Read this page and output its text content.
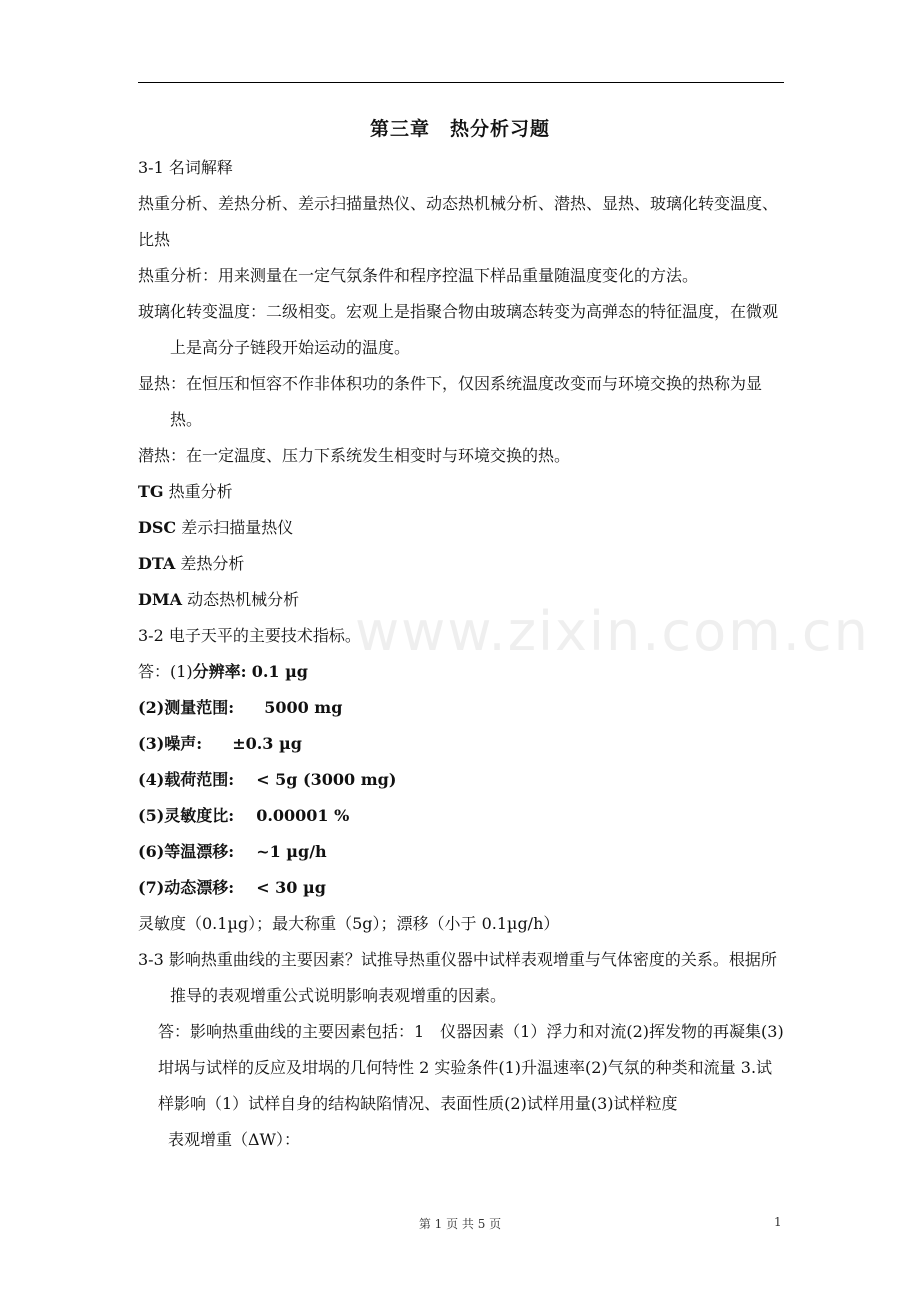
第三章　热分析习题
www.zixin.com.cn

3-1 名词解释

热重分析、差热分析、差示扫描量热仪、动态热机械分析、潜热、显热、玻璃化转变温度、比热

热重分析：用来测量在一定气氛条件和程序控温下样品重量随温度变化的方法。

玻璃化转变温度：二级相变。宏观上是指聚合物由玻璃态转变为高弹态的特征温度，在微观上是高分子链段开始运动的温度。

显热：在恒压和恒容不作非体积功的条件下，仅因系统温度改变而与环境交换的热称为显热。

潜热：在一定温度、压力下系统发生相变时与环境交换的热。

TG 热重分析

DSC 差示扫描量热仪

DTA 差热分析

DMA 动态热机械分析

3-2 电子天平的主要技术指标。

答：(1)分辨率: 0.1 µg

(2)测量范围: 5000 mg

(3)噪声: ±0.3 µg

(4)载荷范围: < 5g (3000 mg)

(5)灵敏度比: 0.00001 %

(6)等温漂移: ~1 µg/h

(7)动态漂移: < 30 µg

灵敏度（0.1µg）；最大称重（5g）；漂移（小于 0.1µg/h）

3-3 影响热重曲线的主要因素？试推导热重仪器中试样表观增重与气体密度的关系。根据所推导的表观增重公式说明影响表观增重的因素。

答：影响热重曲线的主要因素包括：1　仪器因素（1）浮力和对流(2)挥发物的再凝集(3)坩埚与试样的反应及坩埚的几何特性 2 实验条件(1)升温速率(2)气氛的种类和流量 3.试样影响（1）试样自身的结构缺陷情况、表面性质(2)试样用量(3)试样粒度

表观增重（ΔW）：

第 1 页 共 5 页	1
